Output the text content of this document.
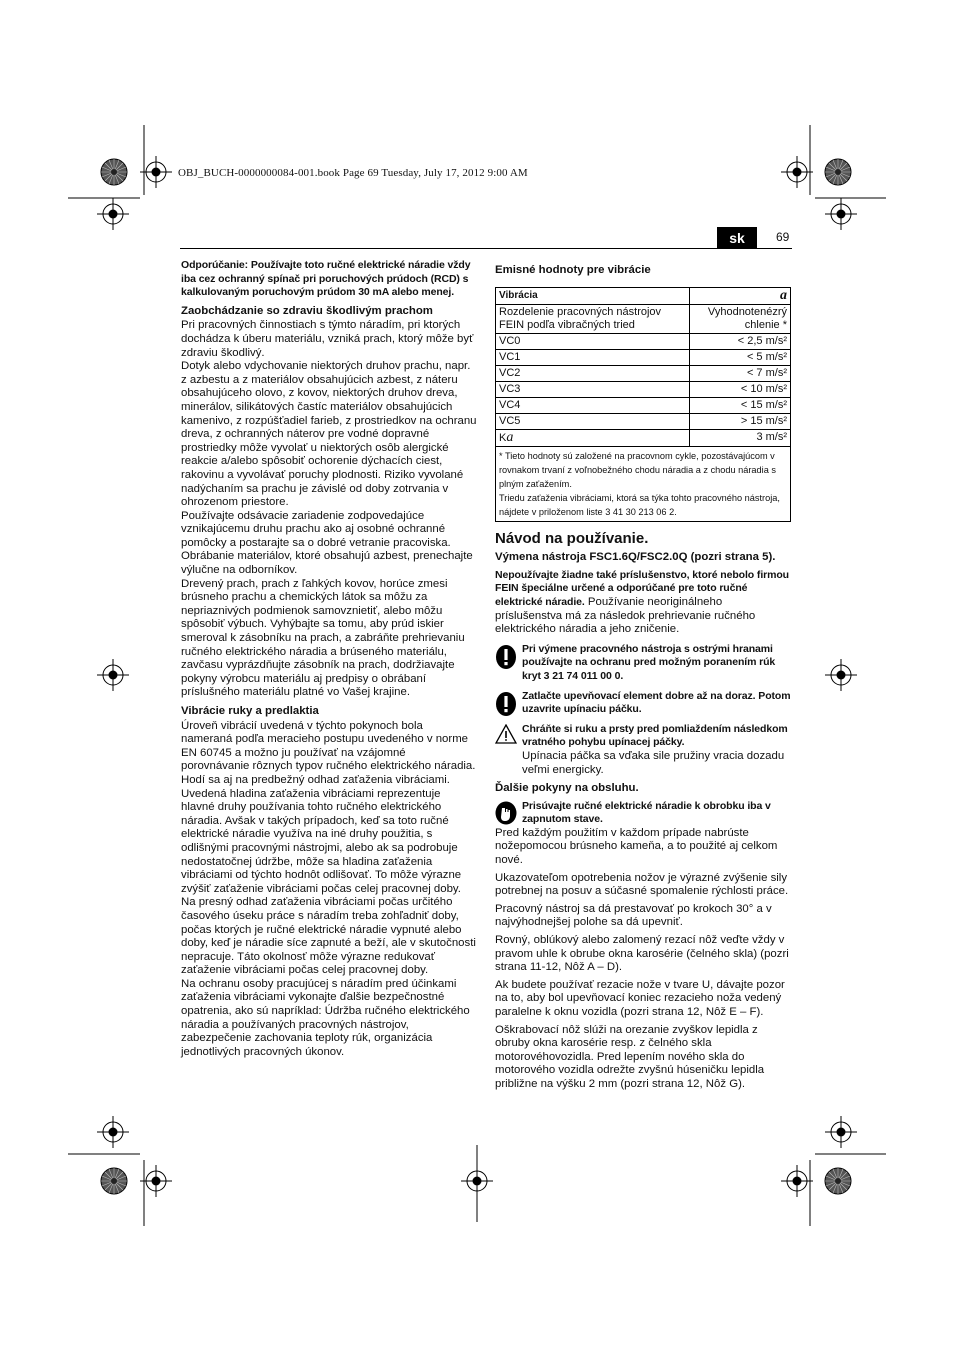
OBJ_BUCH-0000000084-001.book Page 69 Tuesday, July 17, 2012 9:00 AM
sk	69

Odporúčanie: Používajte toto ručné elektrické náradie vždy iba cez ochranný spínač pri poruchových prúdoch (RCD) s kalkulovaným poruchovým prúdom 30 mA alebo menej.

Zaobchádzanie so zdraviu škodlivým prachom

Pri pracovných činnostiach s týmto náradím, pri ktorých dochádza k úberu materiálu, vzniká prach, ktorý môže byť zdraviu škodlivý.

Dotyk alebo vdychovanie niektorých druhov prachu, napr. z azbestu a z materiálov obsahujúcich azbest, z náteru obsahujúceho olovo, z kovov, niektorých druhov dreva, minerálov, silikátových častíc materiálov obsahujúcich kamenivo, z rozpúšťadiel farieb, z prostriedkov na ochranu dreva, z ochranných náterov pre vodné dopravné prostriedky môže vyvolať u niektorých osôb alergické reakcie a/alebo spôsobiť ochorenie dýchacích ciest, rakovinu a vyvolávať poruchy plodnosti. Riziko vyvolané nadýchaním sa prachu je závislé od doby zotrvania v ohrozenom priestore.

Používajte odsávacie zariadenie zodpovedajúce vznikajúcemu druhu prachu ako aj osobné ochranné pomôcky a postarajte sa o dobré vetranie pracoviska.

Obrábanie materiálov, ktoré obsahujú azbest, prenechajte výlučne na odborníkov.

Drevený prach, prach z ľahkých kovov, horúce zmesi brúsneho prachu a chemických látok sa môžu za nepriaznivých podmienok samovznietiť, alebo môžu spôsobiť výbuch. Vyhýbajte sa tomu, aby prúd iskier smeroval k zásobníku na prach, a zabráňte prehrievaniu ručného elektrického náradia a brúseného materiálu, zavčasu vyprázdňujte zásobník na prach, dodržiavajte pokyny výrobcu materiálu aj predpisy o obrábaní príslušného materiálu platné vo Vašej krajine.

Vibrácie ruky a predlaktia

Úroveň vibrácií uvedená v týchto pokynoch bola nameraná podľa meracieho postupu uvedeného v norme EN 60745 a možno ju používať na vzájomné porovnávanie rôznych typov ručného elektrického náradia. Hodí sa aj na predbežný odhad zaťaženia vibráciami.

Uvedená hladina zaťaženia vibráciami reprezentuje hlavné druhy používania tohto ručného elektrického náradia. Avšak v takých prípadoch, keď sa toto ručné elektrické náradie využíva na iné druhy použitia, s odlišnými pracovnými nástrojmi, alebo ak sa podrobuje nedostatočnej údržbe, môže sa hladina zaťaženia vibráciami od týchto hodnôt odlišovať. To môže výrazne zvýšiť zaťaženie vibráciami počas celej pracovnej doby.

Na presný odhad zaťaženia vibráciami počas určitého časového úseku práce s náradím treba zohľadniť doby, počas ktorých je ručné elektrické náradie vypnuté alebo doby, keď je náradie síce zapnuté a beží, ale v skutočnosti nepracuje. Táto okolnosť môže výrazne redukovať zaťaženie vibráciami počas celej pracovnej doby.

Na ochranu osoby pracujúcej s náradím pred účinkami zaťaženia vibráciami vykonajte ďalšie bezpečnostné opatrenia, ako sú napríklad: Údržba ručného elektrického náradia a používaných pracovných nástrojov, zabezpečenie zachovania teploty rúk, organizácia jednotlivých pracovných úkonov.

Emisné hodnoty pre vibrácie

Vibrácia	a
Rozdelenie pracovných nástrojov FEIN podľa vibračných tried	Vyhodnotenézrý chlenie *
VC0	< 2,5 m/s²
VC1	< 5 m/s²
VC2	< 7 m/s²
VC3	< 10 m/s²
VC4	< 15 m/s²
VC5	> 15 m/s²
Ka	3 m/s²

* Tieto hodnoty sú založené na pracovnom cykle, pozostávajúcom v rovnakom trvaní z voľnobežného chodu náradia a z chodu náradia s plným zaťažením.
Triedu zaťaženia vibráciami, ktorá sa týka tohto pracovného nástroja, nájdete v priloženom liste 3 41 30 213 06 2.	

Návod na používanie.

Výmena nástroja FSC1.6Q/FSC2.0Q (pozri strana 5).

Nepoužívajte žiadne také príslušenstvo, ktoré nebolo firmou FEIN špeciálne určené a odporúčané pre toto ručné elektrické náradie. Používanie neoriginálneho príslušenstva má za následok prehrievanie ručného elektrického náradia a jeho zničenie.

Pri výmene pracovného nástroja s ostrými hranami používajte na ochranu pred možným poranením rúk kryt 3 21 74 011 00 0.
Zatlačte upevňovací element dobre až na doraz. Potom uzavrite upínaciu páčku.
Chráňte si ruku a prsty pred pomliaždením následkom vratného pohybu upínacej páčky.
Upínacia páčka sa vďaka sile pružiny vracia dozadu veľmi energicky.

Ďalšie pokyny na obsluhu.

Prisúvajte ručné elektrické náradie k obrobku iba v zapnutom stave.

Pred každým použitím v každom prípade nabrúste nožepomocou brúsneho kameňa, a to použité aj celkom nové.

Ukazovateľom opotrebenia nožov je výrazné zvýšenie sily potrebnej na posuv a súčasné spomalenie rýchlosti práce.

Pracovný nástroj sa dá prestavovať po krokoch 30° a v najvýhodnejšej polohe sa dá upevniť.

Rovný, oblúkový alebo zalomený rezací nôž veďte vždy v pravom uhle k obrube okna karosérie (čelného skla) (pozri strana 11-12, Nôž A – D).

Ak budete používať rezacie nože v tvare U, dávajte pozor na to, aby bol upevňovací koniec rezacieho noža vedený paralelne k oknu vozidla (pozri strana 12, Nôž E – F).

Oškrabovací nôž slúži na orezanie zvyškov lepidla z obruby okna karosérie resp. z čelného skla motorovéhovozidla. Pred lepením nového skla do motorového vozidla odrežte zvyšnú húseničku lepidla približne na výšku 2 mm (pozri strana 12, Nôž G).
